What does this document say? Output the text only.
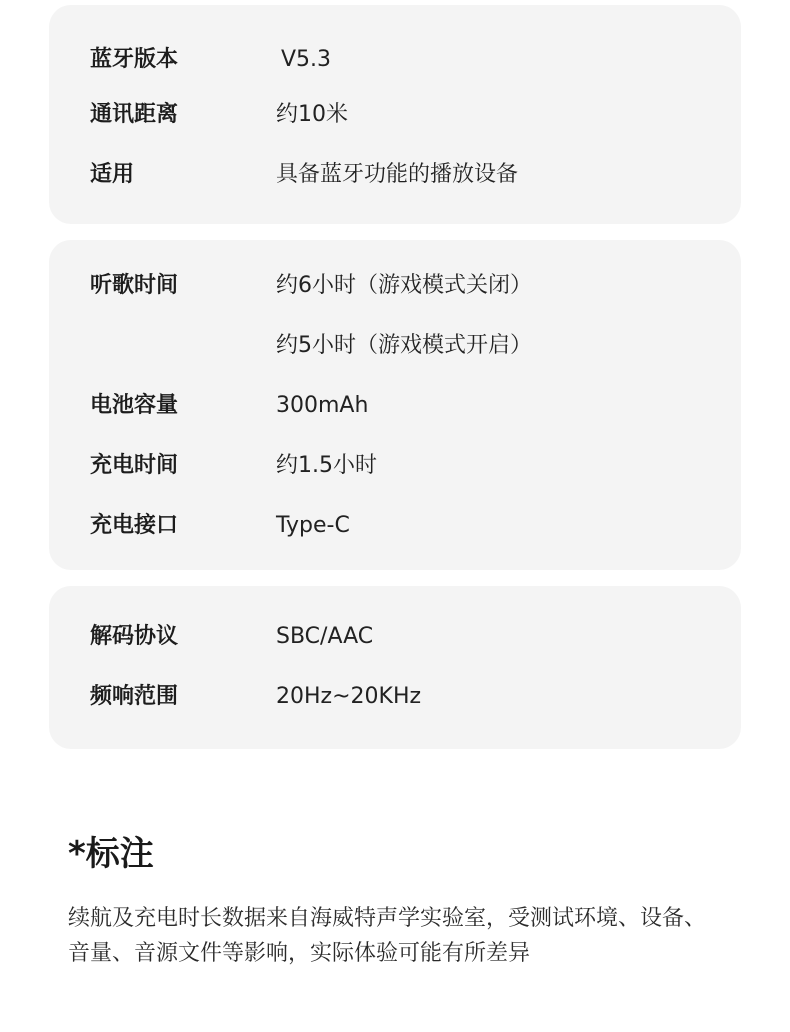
蓝牙版本	V5.3
通讯距离	约10米
适用	具备蓝牙功能的播放设备
听歌时间	约6小时（游戏模式关闭）
约5小时（游戏模式开启）
电池容量	300mAh
充电时间	约1.5小时
充电接口	Type-C
解码协议	SBC/AAC
频响范围	20Hz~20KHz
*标注
续航及充电时长数据来自海威特声学实验室，受测试环境、设备、
音量、音源文件等影响，实际体验可能有所差异
